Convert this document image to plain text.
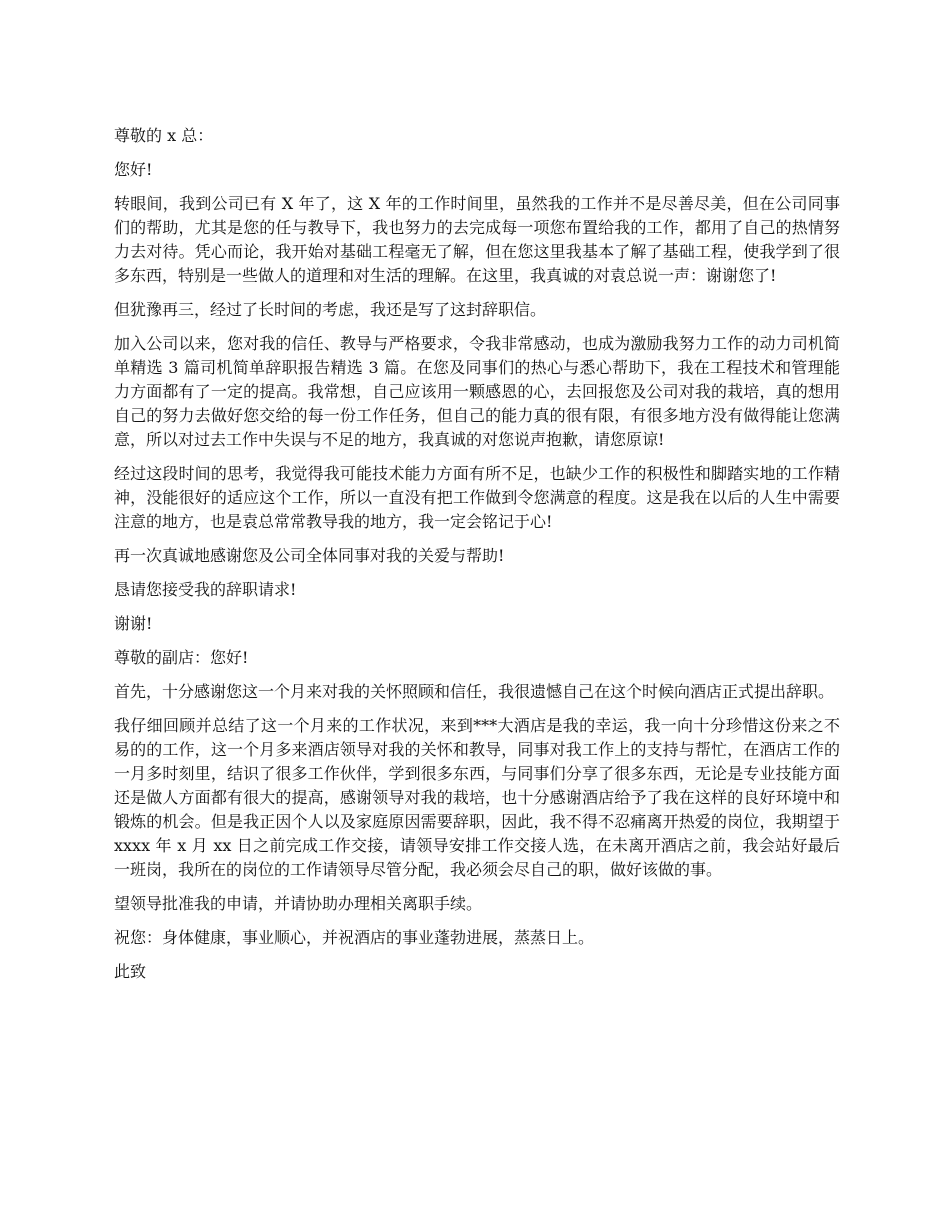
尊敬的 x 总：

您好!

转眼间，我到公司已有 X 年了，这 X 年的工作时间里，虽然我的工作并不是尽善尽美，但在公司同事们的帮助，尤其是您的任与教导下，我也努力的去完成每一项您布置给我的工作，都用了自己的热情努力去对待。凭心而论，我开始对基础工程毫无了解，但在您这里我基本了解了基础工程，使我学到了很多东西，特别是一些做人的道理和对生活的理解。在这里，我真诚的对袁总说一声：谢谢您了!

但犹豫再三，经过了长时间的考虑，我还是写了这封辞职信。

加入公司以来，您对我的信任、教导与严格要求，令我非常感动，也成为激励我努力工作的动力司机简单精选 3 篇司机简单辞职报告精选 3 篇。在您及同事们的热心与悉心帮助下，我在工程技术和管理能力方面都有了一定的提高。我常想，自己应该用一颗感恩的心，去回报您及公司对我的栽培，真的想用自己的努力去做好您交给的每一份工作任务，但自己的能力真的很有限，有很多地方没有做得能让您满意，所以对过去工作中失误与不足的地方，我真诚的对您说声抱歉，请您原谅!

经过这段时间的思考，我觉得我可能技术能力方面有所不足，也缺少工作的积极性和脚踏实地的工作精神，没能很好的适应这个工作，所以一直没有把工作做到令您满意的程度。这是我在以后的人生中需要注意的地方，也是袁总常常教导我的地方，我一定会铭记于心!

再一次真诚地感谢您及公司全体同事对我的关爱与帮助!

恳请您接受我的辞职请求!

谢谢!

尊敬的副店：您好!

首先，十分感谢您这一个月来对我的关怀照顾和信任，我很遗憾自己在这个时候向酒店正式提出辞职。

我仔细回顾并总结了这一个月来的工作状况，来到***大酒店是我的幸运，我一向十分珍惜这份来之不易的的工作，这一个月多来酒店领导对我的关怀和教导，同事对我工作上的支持与帮忙，在酒店工作的一月多时刻里，结识了很多工作伙伴，学到很多东西，与同事们分享了很多东西，无论是专业技能方面还是做人方面都有很大的提高，感谢领导对我的栽培，也十分感谢酒店给予了我在这样的良好环境中和锻炼的机会。但是我正因个人以及家庭原因需要辞职，因此，我不得不忍痛离开热爱的岗位，我期望于 xxxx 年 x 月 xx 日之前完成工作交接，请领导安排工作交接人选，在未离开酒店之前，我会站好最后一班岗，我所在的岗位的工作请领导尽管分配，我必须会尽自己的职，做好该做的事。

望领导批准我的申请，并请协助办理相关离职手续。

祝您：身体健康，事业顺心，并祝酒店的事业蓬勃进展，蒸蒸日上。

此致
